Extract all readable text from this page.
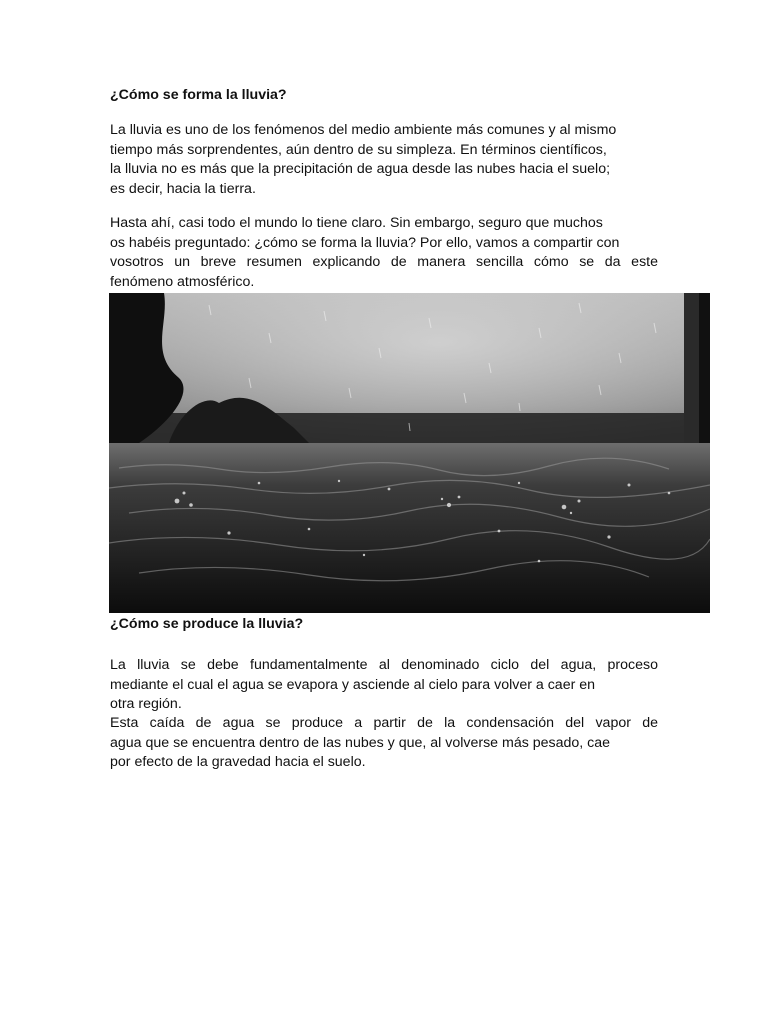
¿Cómo se forma la lluvia?

La lluvia es uno de los fenómenos del medio ambiente más comunes y al mismo
tiempo más sorprendentes, aún dentro de su simpleza. En términos científicos,
la lluvia no es más que la precipitación de agua desde las nubes hacia el suelo;
es decir, hacia la tierra.
Hasta ahí, casi todo el mundo lo tiene claro. Sin embargo, seguro que muchos
os habéis preguntado: ¿cómo se forma la lluvia? Por ello, vamos a compartir con
vosotros un breve resumen explicando de manera sencilla cómo se da este
fenómeno atmosférico.

¿Cómo se produce la lluvia?

La lluvia se debe fundamentalmente al denominado ciclo del agua, proceso
mediante el cual el agua se evapora y asciende al cielo para volver a caer en
otra región.
Esta caída de agua se produce a partir de la condensación del vapor de
agua que se encuentra dentro de las nubes y que, al volverse más pesado, cae
por efecto de la gravedad hacia el suelo.
